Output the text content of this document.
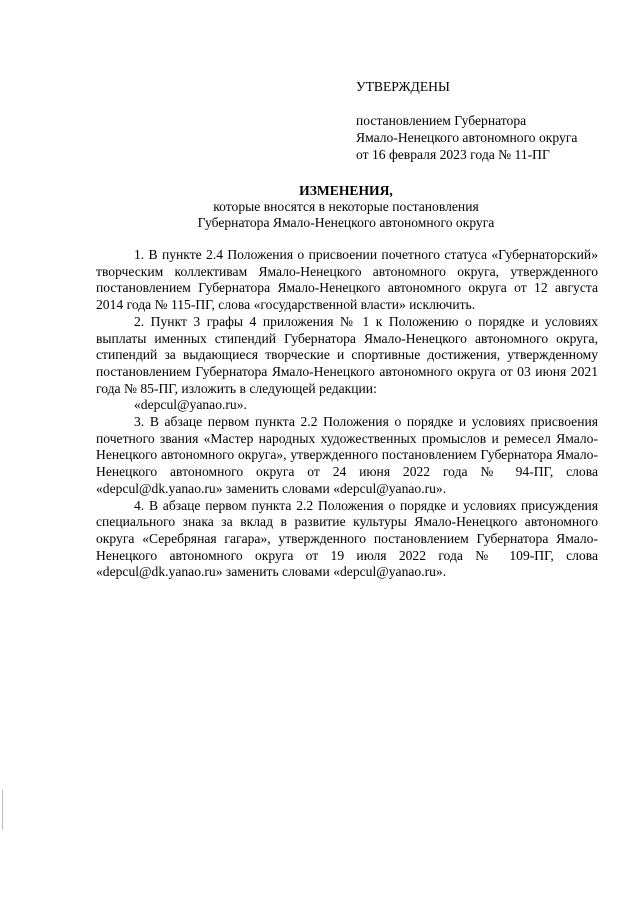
УТВЕРЖДЕНЫ
постановлением Губернатора
Ямало-Ненецкого автономного округа
от 16 февраля 2023 года № 11-ПГ
ИЗМЕНЕНИЯ,
которые вносятся в некоторые постановления
Губернатора Ямало-Ненецкого автономного округа

1. В пункте 2.4 Положения о присвоении почетного статуса «Губернаторский» творческим коллективам Ямало-Ненецкого автономного округа, утвержденного постановлением Губернатора Ямало-Ненецкого автономного округа от 12 августа 2014 года № 115-ПГ, слова «государственной власти» исключить.

2. Пункт 3 графы 4 приложения № 1 к Положению о порядке и условиях выплаты именных стипендий Губернатора Ямало-Ненецкого автономного округа, стипендий за выдающиеся творческие и спортивные достижения, утвержденному постановлением Губернатора Ямало-Ненецкого автономного округа от 03 июня 2021 года № 85-ПГ, изложить в следующей редакции:

«depcul@yanao.ru».

3. В абзаце первом пункта 2.2 Положения о порядке и условиях присвоения почетного звания «Мастер народных художественных промыслов и ремесел Ямало-Ненецкого автономного округа», утвержденного постановлением Губернатора Ямало-Ненецкого автономного округа от 24 июня 2022 года № 94-ПГ, слова «depcul@dk.yanao.ru» заменить словами «depcul@yanao.ru».

4. В абзаце первом пункта 2.2 Положения о порядке и условиях присуждения специального знака за вклад в развитие культуры Ямало-Ненецкого автономного округа «Серебряная гагара», утвержденного постановлением Губернатора Ямало-Ненецкого автономного округа от 19 июля 2022 года № 109-ПГ, слова «depcul@dk.yanao.ru» заменить словами «depcul@yanao.ru».
